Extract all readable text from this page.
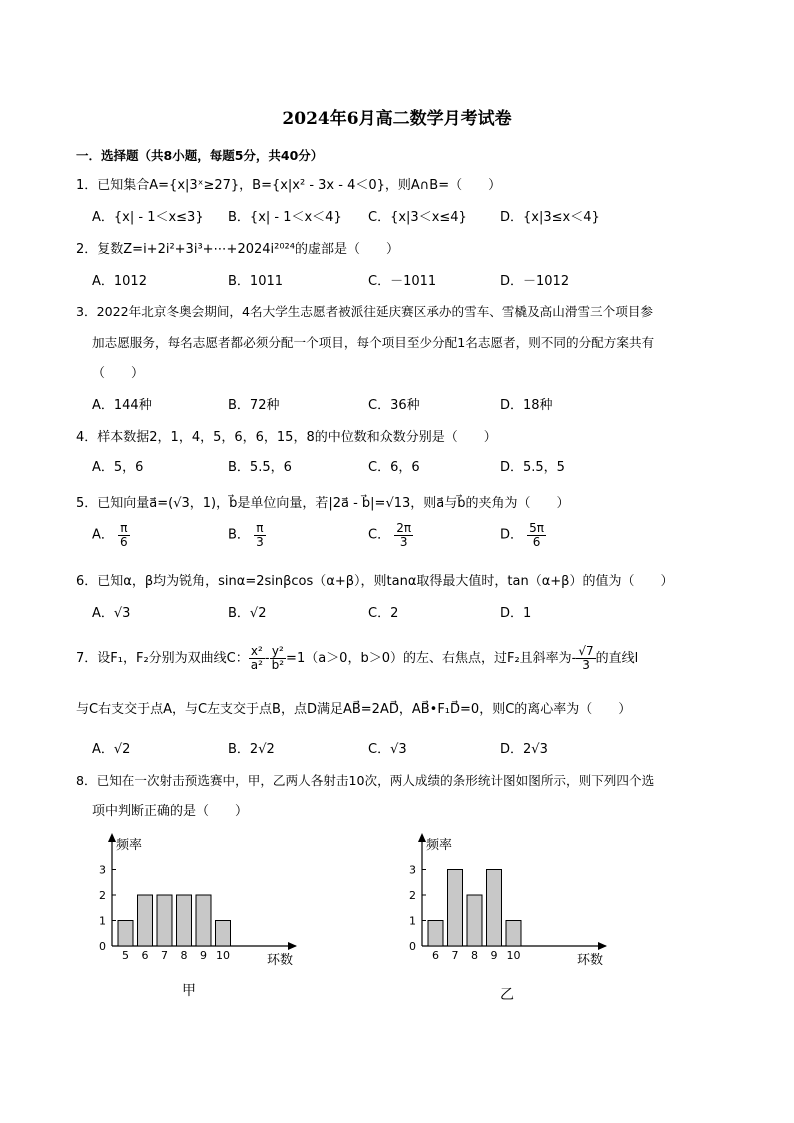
2024年6月高二数学月考试卷
一．选择题（共8小题，每题5分，共40分）
1．已知集合A={x|3ˣ≥27}，B={x|x² - 3x - 4＜0}，则A∩B=（　　）
A．{x| - 1＜x≤3} B．{x| - 1＜x＜4} C．{x|3＜x≤4}	D．{x|3≤x＜4}
2．复数Z=i+2i²+3i³+⋯+2024i²⁰²⁴的虚部是（　　）
A．1012	B．1011	C．－1011	D．－1012
3．2022年北京冬奥会期间，4名大学生志愿者被派往延庆赛区承办的雪车、雪橇及高山滑雪三个项目参
加志愿服务，每名志愿者都必须分配一个项目，每个项目至少分配1名志愿者，则不同的分配方案共有
（　　）
A．144种	B．72种	C．36种	D．18种
4．样本数据2，1，4，5，6，6，15，8的中位数和众数分别是（　　）
A．5，6	B．5.5，6	C．6，6	D．5.5，5
5．已知向量a⃗=(√3，1)，b⃗是单位向量，若|2a⃗ - b⃗|=√13，则a⃗与b⃗的夹角为（　　）
A． $\frac{\pi}{6}$	B． $\frac{\pi}{3}$	C． $\frac{2\pi}{3}$	D． $\frac{5\pi}{6}$
6．已知α，β均为锐角，sinα=2sinβcos（α+β），则tanα取得最大值时，tan（α+β）的值为（　　）
A．√3	B．√2	C．2	D．1
7．设F₁，F₂分别为双曲线C： $\frac{\text{x²}}{\text{a²}} - \frac{\text{y²}}{\text{b²}} =1(a>0$，b＞0）的左、右焦点，过F₂且斜率为- $\frac{√7}{3}$ 的直线l
与C右支交于点A，与C左支交于点B，点D满足AB⃗=2AD⃗，AB⃗•F₁D⃗=0，则C的离心率为（　　）
A．√2	B．2√2	C．√3	D．2√3
8．已知在一次射击预选赛中，甲，乙两人各射击10次，两人成绩的条形统计图如图所示，则下列四个选
项中判断正确的是（　　）
0
1
2
3
频率
5 6 7 8 9 10	环数
0
1
2
3
频率
6 7 8 9 10	环数
甲	乙
